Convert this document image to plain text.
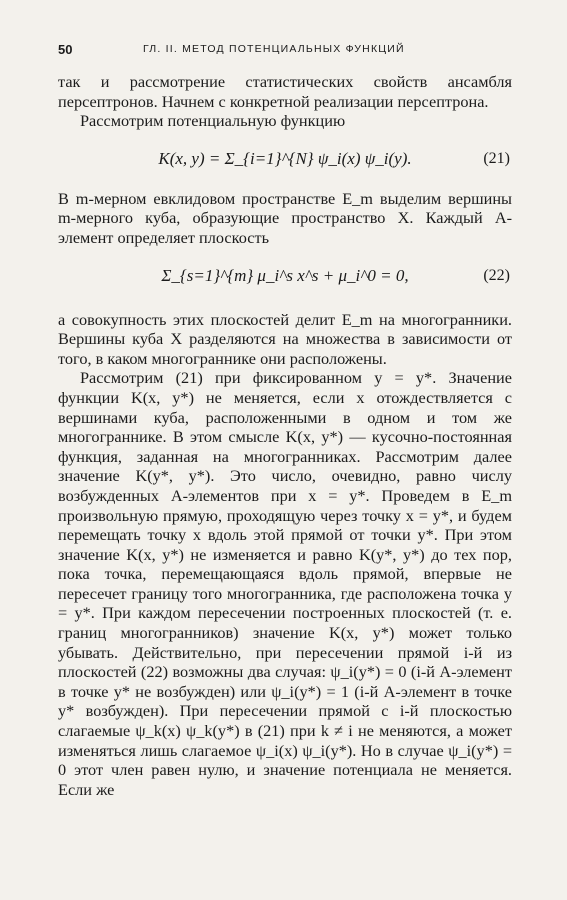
50	ГЛ. II. МЕТОД ПОТЕНЦИАЛЬНЫХ ФУНКЦИЙ

так и рассмотрение статистических свойств ансамбля персептронов. Начнем с конкретной реализации персептрона.

Рассмотрим потенциальную функцию

K(x, y) = Σ_{i=1}^{N} ψ_i(x) ψ_i(y).	(21)

В m-мерном евклидовом пространстве E_m выделим вершины m-мерного куба, образующие пространство X. Каждый A-элемент определяет плоскость

Σ_{s=1}^{m} μ_i^s x^s + μ_i^0 = 0,	(22)

а совокупность этих плоскостей делит E_m на многогранники. Вершины куба X разделяются на множества в зависимости от того, в каком многограннике они расположены.

Рассмотрим (21) при фиксированном y = y*. Значение функции K(x, y*) не меняется, если x отождествляется с вершинами куба, расположенными в одном и том же многограннике. В этом смысле K(x, y*) — кусочно-постоянная функция, заданная на многогранниках. Рассмотрим далее значение K(y*, y*). Это число, очевидно, равно числу возбужденных A-элементов при x = y*. Проведем в E_m произвольную прямую, проходящую через точку x = y*, и будем перемещать точку x вдоль этой прямой от точки y*. При этом значение K(x, y*) не изменяется и равно K(y*, y*) до тех пор, пока точка, перемещающаяся вдоль прямой, впервые не пересечет границу того многогранника, где расположена точка y = y*. При каждом пересечении построенных плоскостей (т. е. границ многогранников) значение K(x, y*) может только убывать. Действительно, при пересечении прямой i-й из плоскостей (22) возможны два случая: ψ_i(y*) = 0 (i-й A-элемент в точке y* не возбужден) или ψ_i(y*) = 1 (i-й A-элемент в точке y* возбужден). При пересечении прямой с i-й плоскостью слагаемые ψ_k(x) ψ_k(y*) в (21) при k ≠ i не меняются, а может изменяться лишь слагаемое ψ_i(x) ψ_i(y*). Но в случае ψ_i(y*) = 0 этот член равен нулю, и значение потенциала не меняется. Если же
